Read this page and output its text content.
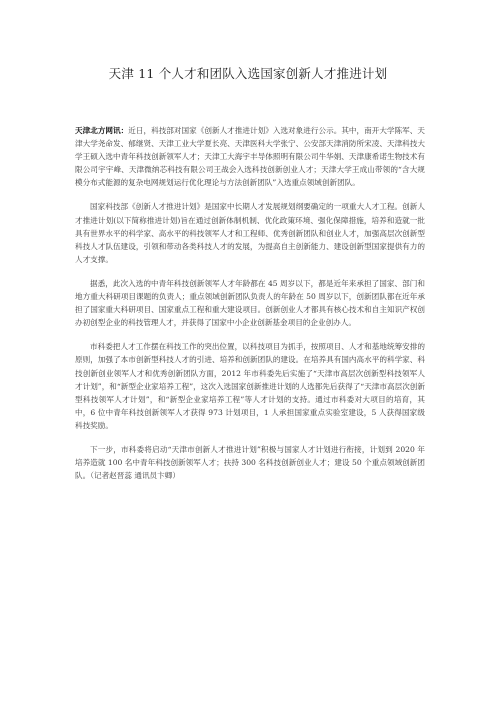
天津 11 个人才和团队入选国家创新人才推进计划

天津北方网讯：近日，科技部对国家《创新人才推进计划》入选对象进行公示。其中，南开大学陈军、天津大学尧命发、郁继贤、天津工业大学夏长亮、天津医科大学张宁、公安部天津消防所宋凌、天津科技大学王硕入选中青年科技创新领军人才；天津工大海宇丰导体照明有限公司牛华娟、天津康希诺生物技术有限公司宇宇峰、天津微纳芯科技有限公司王战会入选科技创新创业人才；天津大学王成山带领的“含大规模分布式能源的复杂电网规划运行优化理论与方法创新团队”入选重点领域创新团队。

国家科技部《创新人才推进计划》是国家中长期人才发展规划纲要确定的一项重大人才工程。创新人才推进计划(以下简称推进计划)旨在通过创新体制机制、优化政策环境、强化保障措施，培养和造就一批具有世界水平的科学家、高水平的科技领军人才和工程师、优秀创新团队和创业人才，加强高层次创新型科技人才队伍建设，引领和带动各类科技人才的发展，为提高自主创新能力、建设创新型国家提供有力的人才支撑。

据悉，此次入选的中青年科技创新领军人才年龄都在 45 周岁以下，都是近年来承担了国家、部门和地方重大科研项目课题的负责人；重点领域创新团队负责人的年龄在 50 周岁以下，创新团队都在近年承担了国家重大科研项目、国家重点工程和重大建设项目。创新创业人才都具有核心技术和自主知识产权创办初创型企业的科技管理人才，并获得了国家中小企业创新基金项目的企业创办人。

市科委把人才工作摆在科技工作的突出位置，以科技项目为抓手，按照项目、人才和基地统筹安排的原则，加强了本市创新型科技人才的引进、培养和创新团队的建设。在培养具有国内高水平的科学家、科技创新创业领军人才和优秀创新团队方面，2012 年市科委先后实施了“天津市高层次创新型科技领军人才计划”，和“新型企业家培养工程”，这次入选国家创新推进计划的人选都先后获得了“天津市高层次创新型科技领军人才计划”，和“新型企业家培养工程”等人才计划的支持。通过市科委对大项目的培育，其中，6 位中青年科技创新领军人才获得 973 计划项目，1 人承担国家重点实验室建设，5 人获得国家级科技奖励。

下一步，市科委将启动“天津市创新人才推进计划”积极与国家人才计划进行衔接，计划到 2020 年培养造就 100 名中青年科技创新领军人才；扶持 300 名科技创新创业人才；建设 50 个重点领域创新团队。（记者赵晋蕊 通讯员卞卿）
